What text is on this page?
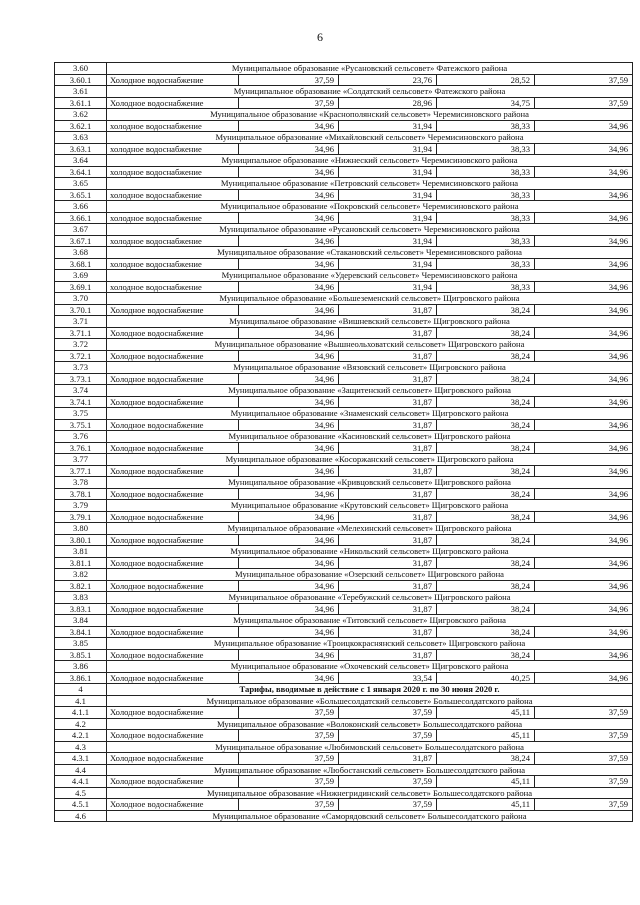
6
3.60	Муниципальное образование «Русановский сельсовет» Фатежского района				
3.60.1	Холодное водоснабжение	37,59	23,76	28,52	37,59
3.61	Муниципальное образование «Солдатский сельсовет» Фатежского района				
3.61.1	Холодное водоснабжение	37,59	28,96	34,75	37,59
3.62	Муниципальное образование «Краснополянский сельсовет» Черемисиновского района				
3.62.1	холодное водоснабжение	34,96	31,94	38,33	34,96
3.63	Муниципальное образование «Михайловский сельсовет» Черемисиновского района				
3.63.1	холодное водоснабжение	34,96	31,94	38,33	34,96
3.64	Муниципальное образование «Нижнеский сельсовет» Черемисиновского района				
3.64.1	холодное водоснабжение	34,96	31,94	38,33	34,96
3.65	Муниципальное образование «Петровский сельсовет» Черемисиновского района				
3.65.1	холодное водоснабжение	34,96	31,94	38,33	34,96
3.66	Муниципальное образование «Покровский сельсовет» Черемисиновского района				
3.66.1	холодное водоснабжение	34,96	31,94	38,33	34,96
3.67	Муниципальное образование «Русановский сельсовет» Черемисиновского района				
3.67.1	холодное водоснабжение	34,96	31,94	38,33	34,96
3.68	Муниципальное образование «Стакановский сельсовет» Черемисиновского района				
3.68.1	холодное водоснабжение	34,96	31,94	38,33	34,96
3.69	Муниципальное образование «Удеревский сельсовет» Черемисиновского района				
3.69.1	холодное водоснабжение	34,96	31,94	38,33	34,96
3.70	Муниципальное образование «Большеземенский сельсовет» Щигровского района				
3.70.1	Холодное водоснабжение	34,96	31,87	38,24	34,96
3.71	Муниципальное образование «Вишневский сельсовет» Щигровского района				
3.71.1	Холодное водоснабжение	34,96	31,87	38,24	34,96
3.72	Муниципальное образование «Вышнеольховатский сельсовет» Щигровского района				
3.72.1	Холодное водоснабжение	34,96	31,87	38,24	34,96
3.73	Муниципальное образование «Вязовский сельсовет» Щигровского района				
3.73.1	Холодное водоснабжение	34,96	31,87	38,24	34,96
3.74	Муниципальное образование «Защитенский сельсовет» Щигровского района				
3.74.1	Холодное водоснабжение	34,96	31,87	38,24	34,96
3.75	Муниципальное образование «Знаменский сельсовет» Щигровского района				
3.75.1	Холодное водоснабжение	34,96	31,87	38,24	34,96
3.76	Муниципальное образование «Касиновский сельсовет» Щигровского района				
3.76.1	Холодное водоснабжение	34,96	31,87	38,24	34,96
3.77	Муниципальное образование «Косоржанский сельсовет» Щигровского района				
3.77.1	Холодное водоснабжение	34,96	31,87	38,24	34,96
3.78	Муниципальное образование «Кривцовский сельсовет» Щигровского района				
3.78.1	Холодное водоснабжение	34,96	31,87	38,24	34,96
3.79	Муниципальное образование «Крутовский сельсовет» Щигровского района				
3.79.1	Холодное водоснабжение	34,96	31,87	38,24	34,96
3.80	Муниципальное образование «Мелехинский сельсовет» Щигровского района				
3.80.1	Холодное водоснабжение	34,96	31,87	38,24	34,96
3.81	Муниципальное образование «Никольский сельсовет» Щигровского района				
3.81.1	Холодное водоснабжение	34,96	31,87	38,24	34,96
3.82	Муниципальное образование «Озерский сельсовет» Щигровского района				
3.82.1	Холодное водоснабжение	34,96	31,87	38,24	34,96
3.83	Муниципальное образование «Теребужский сельсовет» Щигровского района				
3.83.1	Холодное водоснабжение	34,96	31,87	38,24	34,96
3.84	Муниципальное образование «Титовский сельсовет» Щигровского района				
3.84.1	Холодное водоснабжение	34,96	31,87	38,24	34,96
3.85	Муниципальное образование «Троицкокраснянский сельсовет» Щигровского района				
3.85.1	Холодное водоснабжение	34,96	31,87	38,24	34,96
3.86	Муниципальное образование «Охочевский сельсовет» Щигровского района				
3.86.1	Холодное водоснабжение	34,96	33,54	40,25	34,96
4	Тарифы, вводимые в действие с 1 января 2020 г. по 30 июня 2020 г.				
4.1	Муниципальное образование «Большесолдатский сельсовет» Большесолдатского района				
4.1.1	Холодное водоснабжение	37,59	37,59	45,11	37,59
4.2	Муниципальное образование «Волоконский сельсовет» Большесолдатского района				
4.2.1	Холодное водоснабжение	37,59	37,59	45,11	37,59
4.3	Муниципальное образование «Любимовский сельсовет» Большесолдатского района				
4.3.1	Холодное водоснабжение	37,59	31,87	38,24	37,59
4.4	Муниципальное образование «Любостанский сельсовет» Большесолдатского района				
4.4.1	Холодное водоснабжение	37,59	37,59	45,11	37,59
4.5	Муниципальное образование «Нижнегридинский сельсовет» Большесолдатского района				
4.5.1	Холодное водоснабжение	37,59	37,59	45,11	37,59
4.6	Муниципальное образование «Саморядовский сельсовет» Большесолдатского района				
